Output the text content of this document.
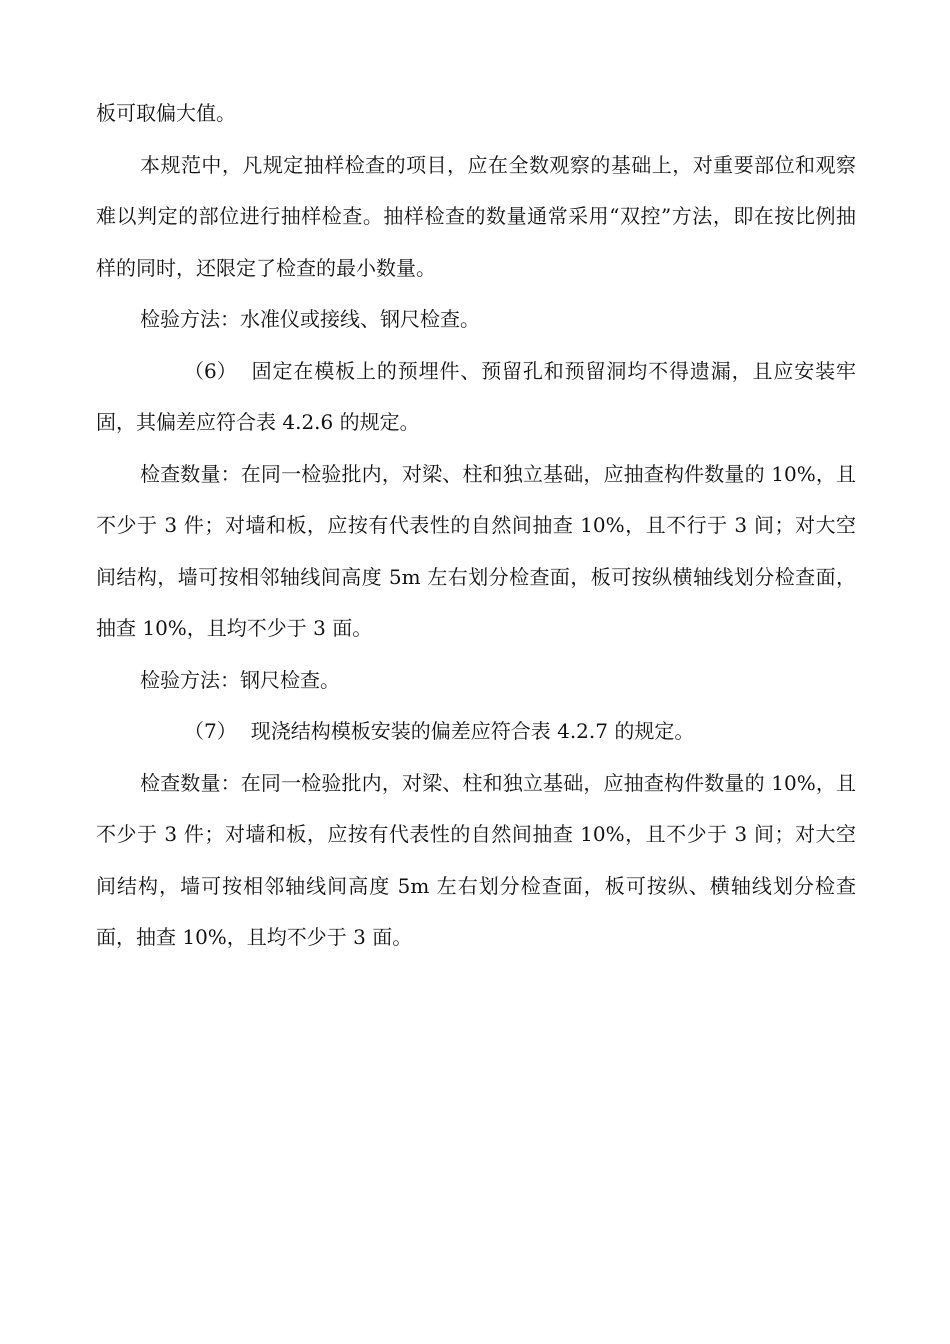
板可取偏大值。

本规范中，凡规定抽样检查的项目，应在全数观察的基础上，对重要部位和观察难以判定的部位进行抽样检查。抽样检查的数量通常采用“双控”方法，即在按比例抽样的同时，还限定了检查的最小数量。

检验方法：水准仪或接线、钢尺检查。

（6） 固定在模板上的预埋件、预留孔和预留洞均不得遗漏，且应安装牢固，其偏差应符合表 4.2.6 的规定。

检查数量：在同一检验批内，对梁、柱和独立基础，应抽查构件数量的 10%，且不少于 3 件；对墙和板，应按有代表性的自然间抽查 10%，且不行于 3 间；对大空间结构，墙可按相邻轴线间高度 5m 左右划分检查面，板可按纵横轴线划分检查面，抽查 10%，且均不少于 3 面。

检验方法：钢尺检查。

（7） 现浇结构模板安装的偏差应符合表 4.2.7 的规定。

检查数量：在同一检验批内，对梁、柱和独立基础，应抽查构件数量的 10%，且不少于 3 件；对墙和板，应按有代表性的自然间抽查 10%，且不少于 3 间；对大空间结构，墙可按相邻轴线间高度 5m 左右划分检查面，板可按纵、横轴线划分检查面，抽查 10%，且均不少于 3 面。
